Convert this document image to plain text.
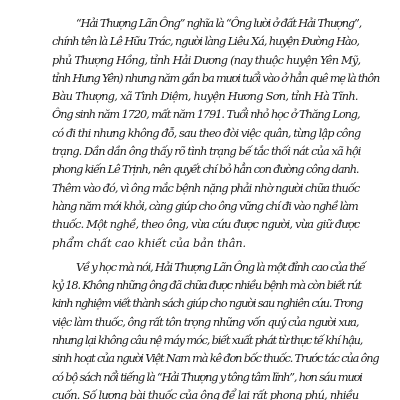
“Hải Thượng Lãn Ông” nghĩa là “Ông lười ở đất Hải Thượng”,
chính tên là Lê Hữu Trác, người làng Liêu Xá, huyện Đường Hào,
phủ Thượng Hồng, tỉnh Hải Dương (nay thuộc huyện Yên Mỹ,
tỉnh Hưng Yên) nhưng năm gần ba mươi tuổi vào ở hẳn quê mẹ là thôn
Bàu Thượng, xã Tình Diệm, huyện Hương Sơn, tỉnh Hà Tĩnh.
Ông sinh năm 1720, mất năm 1791. Tuổi nhỏ học ở Thăng Long,
có đi thi nhưng không đỗ, sau theo đòi việc quân, từng lập công
trạng. Dần dần ông thấy rõ tình trạng bế tắc thối nát của xã hội
phong kiến Lê Trịnh, nên quyết chí bỏ hẳn con đường công danh.
Thêm vào đó, vì ông mắc bệnh nặng phải nhờ người chữa thuốc
hàng năm mới khỏi, càng giúp cho ông vững chí đi vào nghề làm
thuốc. Một nghề, theo ông, vừa cứu được người, vừa giữ được
phẩm chất cao khiết của bản thân.

Về y học mà nói, Hải Thượng Lãn Ông là một đỉnh cao của thế
kỷ 18. Không những ông đã chữa được nhiều bệnh mà còn biết rút
kinh nghiệm viết thành sách giúp cho người sau nghiên cứu. Trong
việc làm thuốc, ông rất tôn trọng những vốn quý của người xưa,
nhưng lại không câu nệ máy móc, biết xuất phát từ thực tế khí hậu,
sinh hoạt của người Việt Nam mà kê đơn bốc thuốc. Trước tác của ông
có bộ sách nổi tiếng là “Hải Thượng y tông tâm lĩnh”, hơn sáu mươi
cuốn. Số lượng bài thuốc của ông để lại rất phong phú, nhiều
